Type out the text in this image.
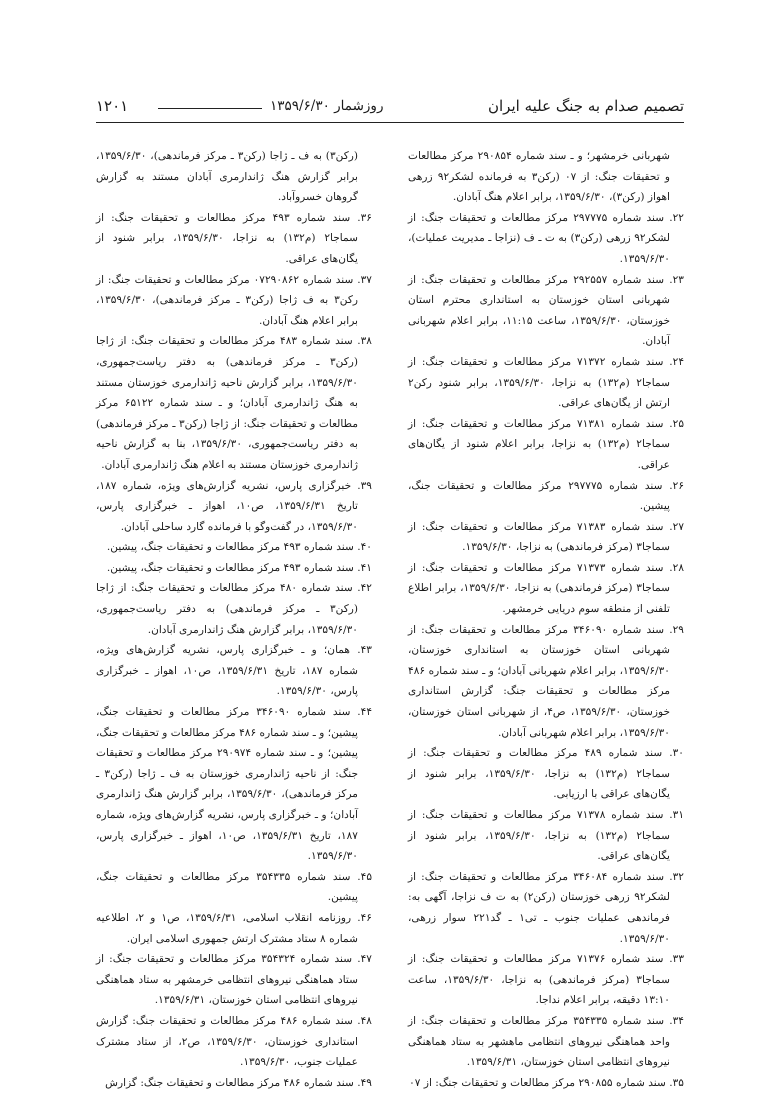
۱۲۰۱	روزشمار ۱۳۵۹/۶/۳۰	تصمیم صدام به جنگ علیه ایران

شهربانی خرمشهر؛ و ـ سند شماره ۲۹۰۸۵۴ مرکز مطالعات و تحقیقات جنگ: از ۰۷ (رکن۳ به فرمانده لشکر۹۲ زرهی اهواز (رکن۳)، ۱۳۵۹/۶/۳۰، برابر اعلام هنگ آبادان.

۲۲. سند شماره ۲۹۷۷۷۵ مرکز مطالعات و تحقیقات جنگ: از لشکر۹۲ زرهی (رکن۳) به ت ـ ف (نزاجا ـ مدیریت عملیات)، ۱۳۵۹/۶/۳۰.

۲۳. سند شماره ۲۹۲۵۵۷ مرکز مطالعات و تحقیقات جنگ: از شهربانی استان خوزستان به استانداری محترم استان خوزستان، ۱۳۵۹/۶/۳۰، ساعت ۱۱:۱۵، برابر اعلام شهربانی آبادان.

۲۴. سند شماره ۷۱۳۷۲ مرکز مطالعات و تحقیقات جنگ: از سماجا۲ (م۱۳۲) به نزاجا، ۱۳۵۹/۶/۳۰، برابر شنود رکن۲ ارتش از یگان‌های عراقی.

۲۵. سند شماره ۷۱۳۸۱ مرکز مطالعات و تحقیقات جنگ: از سماجا۲ (م۱۳۲) به نزاجا، برابر اعلام شنود از یگان‌های عراقی.

۲۶. سند شماره ۲۹۷۷۷۵ مرکز مطالعات و تحقیقات جنگ، پیشین.

۲۷. سند شماره ۷۱۳۸۳ مرکز مطالعات و تحقیقات جنگ: از سماجا۳ (مرکز فرماندهی) به نزاجا، ۱۳۵۹/۶/۳۰.

۲۸. سند شماره ۷۱۳۷۳ مرکز مطالعات و تحقیقات جنگ: از سماجا۳ (مرکز فرماندهی) به نزاجا، ۱۳۵۹/۶/۳۰، برابر اطلاع تلفنی از منطقه سوم دریایی خرمشهر.

۲۹. سند شماره ۳۴۶۰۹۰ مرکز مطالعات و تحقیقات جنگ: از شهربانی استان خوزستان به استانداری خوزستان، ۱۳۵۹/۶/۳۰، برابر اعلام شهربانی آبادان؛ و ـ سند شماره ۴۸۶ مرکز مطالعات و تحقیقات جنگ: گزارش استانداری خوزستان، ۱۳۵۹/۶/۳۰، ص۴، از شهربانی استان خوزستان، ۱۳۵۹/۶/۳۰، برابر اعلام شهربانی آبادان.

۳۰. سند شماره ۴۸۹ مرکز مطالعات و تحقیقات جنگ: از سماجا۲ (م۱۳۲) به نزاجا، ۱۳۵۹/۶/۳۰، برابر شنود از یگان‌های عراقی با ارزیابی.

۳۱. سند شماره ۷۱۳۷۸ مرکز مطالعات و تحقیقات جنگ: از سماجا۲ (م۱۳۲) به نزاجا، ۱۳۵۹/۶/۳۰، برابر شنود از یگان‌های عراقی.

۳۲. سند شماره ۳۴۶۰۸۴ مرکز مطالعات و تحقیقات جنگ: از لشکر۹۲ زرهی خوزستان (رکن۲) به ت ف نزاجا، آگهی به: فرماندهی عملیات جنوب ـ تی۱ ـ گد۲۲۱ سوار زرهی، ۱۳۵۹/۶/۳۰.

۳۳. سند شماره ۷۱۳۷۶ مرکز مطالعات و تحقیقات جنگ: از سماجا۳ (مرکز فرماندهی) به نزاجا، ۱۳۵۹/۶/۳۰، ساعت ۱۳:۱۰ دقیقه، برابر اعلام نداجا.

۳۴. سند شماره ۳۵۴۳۳۵ مرکز مطالعات و تحقیقات جنگ: از واحد هماهنگی نیروهای انتظامی ماهشهر به ستاد هماهنگی نیروهای انتظامی استان خوزستان، ۱۳۵۹/۶/۳۱.

۳۵. سند شماره ۲۹۰۸۵۵ مرکز مطالعات و تحقیقات جنگ: از ۰۷

(رکن۳) به ف ـ ژاجا (رکن۳ ـ مرکز فرماندهی)، ۱۳۵۹/۶/۳۰، برابر گزارش هنگ ژاندارمری آبادان مستند به گزارش گروهان خسروآباد.

۳۶. سند شماره ۴۹۳ مرکز مطالعات و تحقیقات جنگ: از سماجا۲ (م۱۳۲) به نزاجا، ۱۳۵۹/۶/۳۰، برابر شنود از یگان‌های عراقی.

۳۷. سند شماره ۰۷۲۹۰۸۶۲ مرکز مطالعات و تحقیقات جنگ: از رکن۳ به ف ژاجا (رکن۳ ـ مرکز فرماندهی)، ۱۳۵۹/۶/۳۰، برابر اعلام هنگ آبادان.

۳۸. سند شماره ۴۸۳ مرکز مطالعات و تحقیقات جنگ: از ژاجا (رکن۳ ـ مرکز فرماندهی) به دفتر ریاست‌جمهوری، ۱۳۵۹/۶/۳۰، برابر گزارش ناحیه ژاندارمری خوزستان مستند به هنگ ژاندارمری آبادان؛ و ـ سند شماره ۶۵۱۲۲ مرکز مطالعات و تحقیقات جنگ: از ژاجا (رکن۳ ـ مرکز فرماندهی) به دفتر ریاست‌جمهوری، ۱۳۵۹/۶/۳۰، بنا به گزارش ناحیه ژاندارمری خوزستان مستند به اعلام هنگ ژاندارمری آبادان.

۳۹. خبرگزاری پارس، نشریه گزارش‌های ویژه، شماره ۱۸۷، تاریخ ۱۳۵۹/۶/۳۱، ص۱۰، اهواز ـ خبرگزاری پارس، ۱۳۵۹/۶/۳۰، در گفت‌وگو با فرمانده گارد ساحلی آبادان.

۴۰. سند شماره ۴۹۳ مرکز مطالعات و تحقیقات جنگ، پیشین.

۴۱. سند شماره ۴۹۳ مرکز مطالعات و تحقیقات جنگ، پیشین.

۴۲. سند شماره ۴۸۰ مرکز مطالعات و تحقیقات جنگ: از ژاجا (رکن۳ ـ مرکز فرماندهی) به دفتر ریاست‌جمهوری، ۱۳۵۹/۶/۳۰، برابر گزارش هنگ ژاندارمری آبادان.

۴۳. همان؛ و ـ خبرگزاری پارس، نشریه گزارش‌های ویژه، شماره ۱۸۷، تاریخ ۱۳۵۹/۶/۳۱، ص۱۰، اهواز ـ خبرگزاری پارس، ۱۳۵۹/۶/۳۰.

۴۴. سند شماره ۳۴۶۰۹۰ مرکز مطالعات و تحقیقات جنگ، پیشین؛ و ـ سند شماره ۴۸۶ مرکز مطالعات و تحقیقات جنگ، پیشین؛ و ـ سند شماره ۲۹۰۹۷۴ مرکز مطالعات و تحقیقات جنگ: از ناحیه ژاندارمری خوزستان به ف ـ ژاجا (رکن۳ ـ مرکز فرماندهی)، ۱۳۵۹/۶/۳۰، برابر گزارش هنگ ژاندارمری آبادان؛ و ـ خبرگزاری پارس، نشریه گزارش‌های ویژه، شماره ۱۸۷، تاریخ ۱۳۵۹/۶/۳۱، ص۱۰، اهواز ـ خبرگزاری پارس، ۱۳۵۹/۶/۳۰.

۴۵. سند شماره ۳۵۴۳۳۵ مرکز مطالعات و تحقیقات جنگ، پیشین.

۴۶. روزنامه انقلاب اسلامی، ۱۳۵۹/۶/۳۱، ص۱ و ۲، اطلاعیه شماره ۸ ستاد مشترک ارتش جمهوری اسلامی ایران.

۴۷. سند شماره ۳۵۴۳۲۴ مرکز مطالعات و تحقیقات جنگ: از ستاد هماهنگی نیروهای انتظامی خرمشهر به ستاد هماهنگی نیروهای انتظامی استان خوزستان، ۱۳۵۹/۶/۳۱.

۴۸. سند شماره ۴۸۶ مرکز مطالعات و تحقیقات جنگ: گزارش استانداری خوزستان، ۱۳۵۹/۶/۳۰، ص۲، از ستاد مشترک عملیات جنوب، ۱۳۵۹/۶/۳۰.

۴۹. سند شماره ۴۸۶ مرکز مطالعات و تحقیقات جنگ: گزارش
